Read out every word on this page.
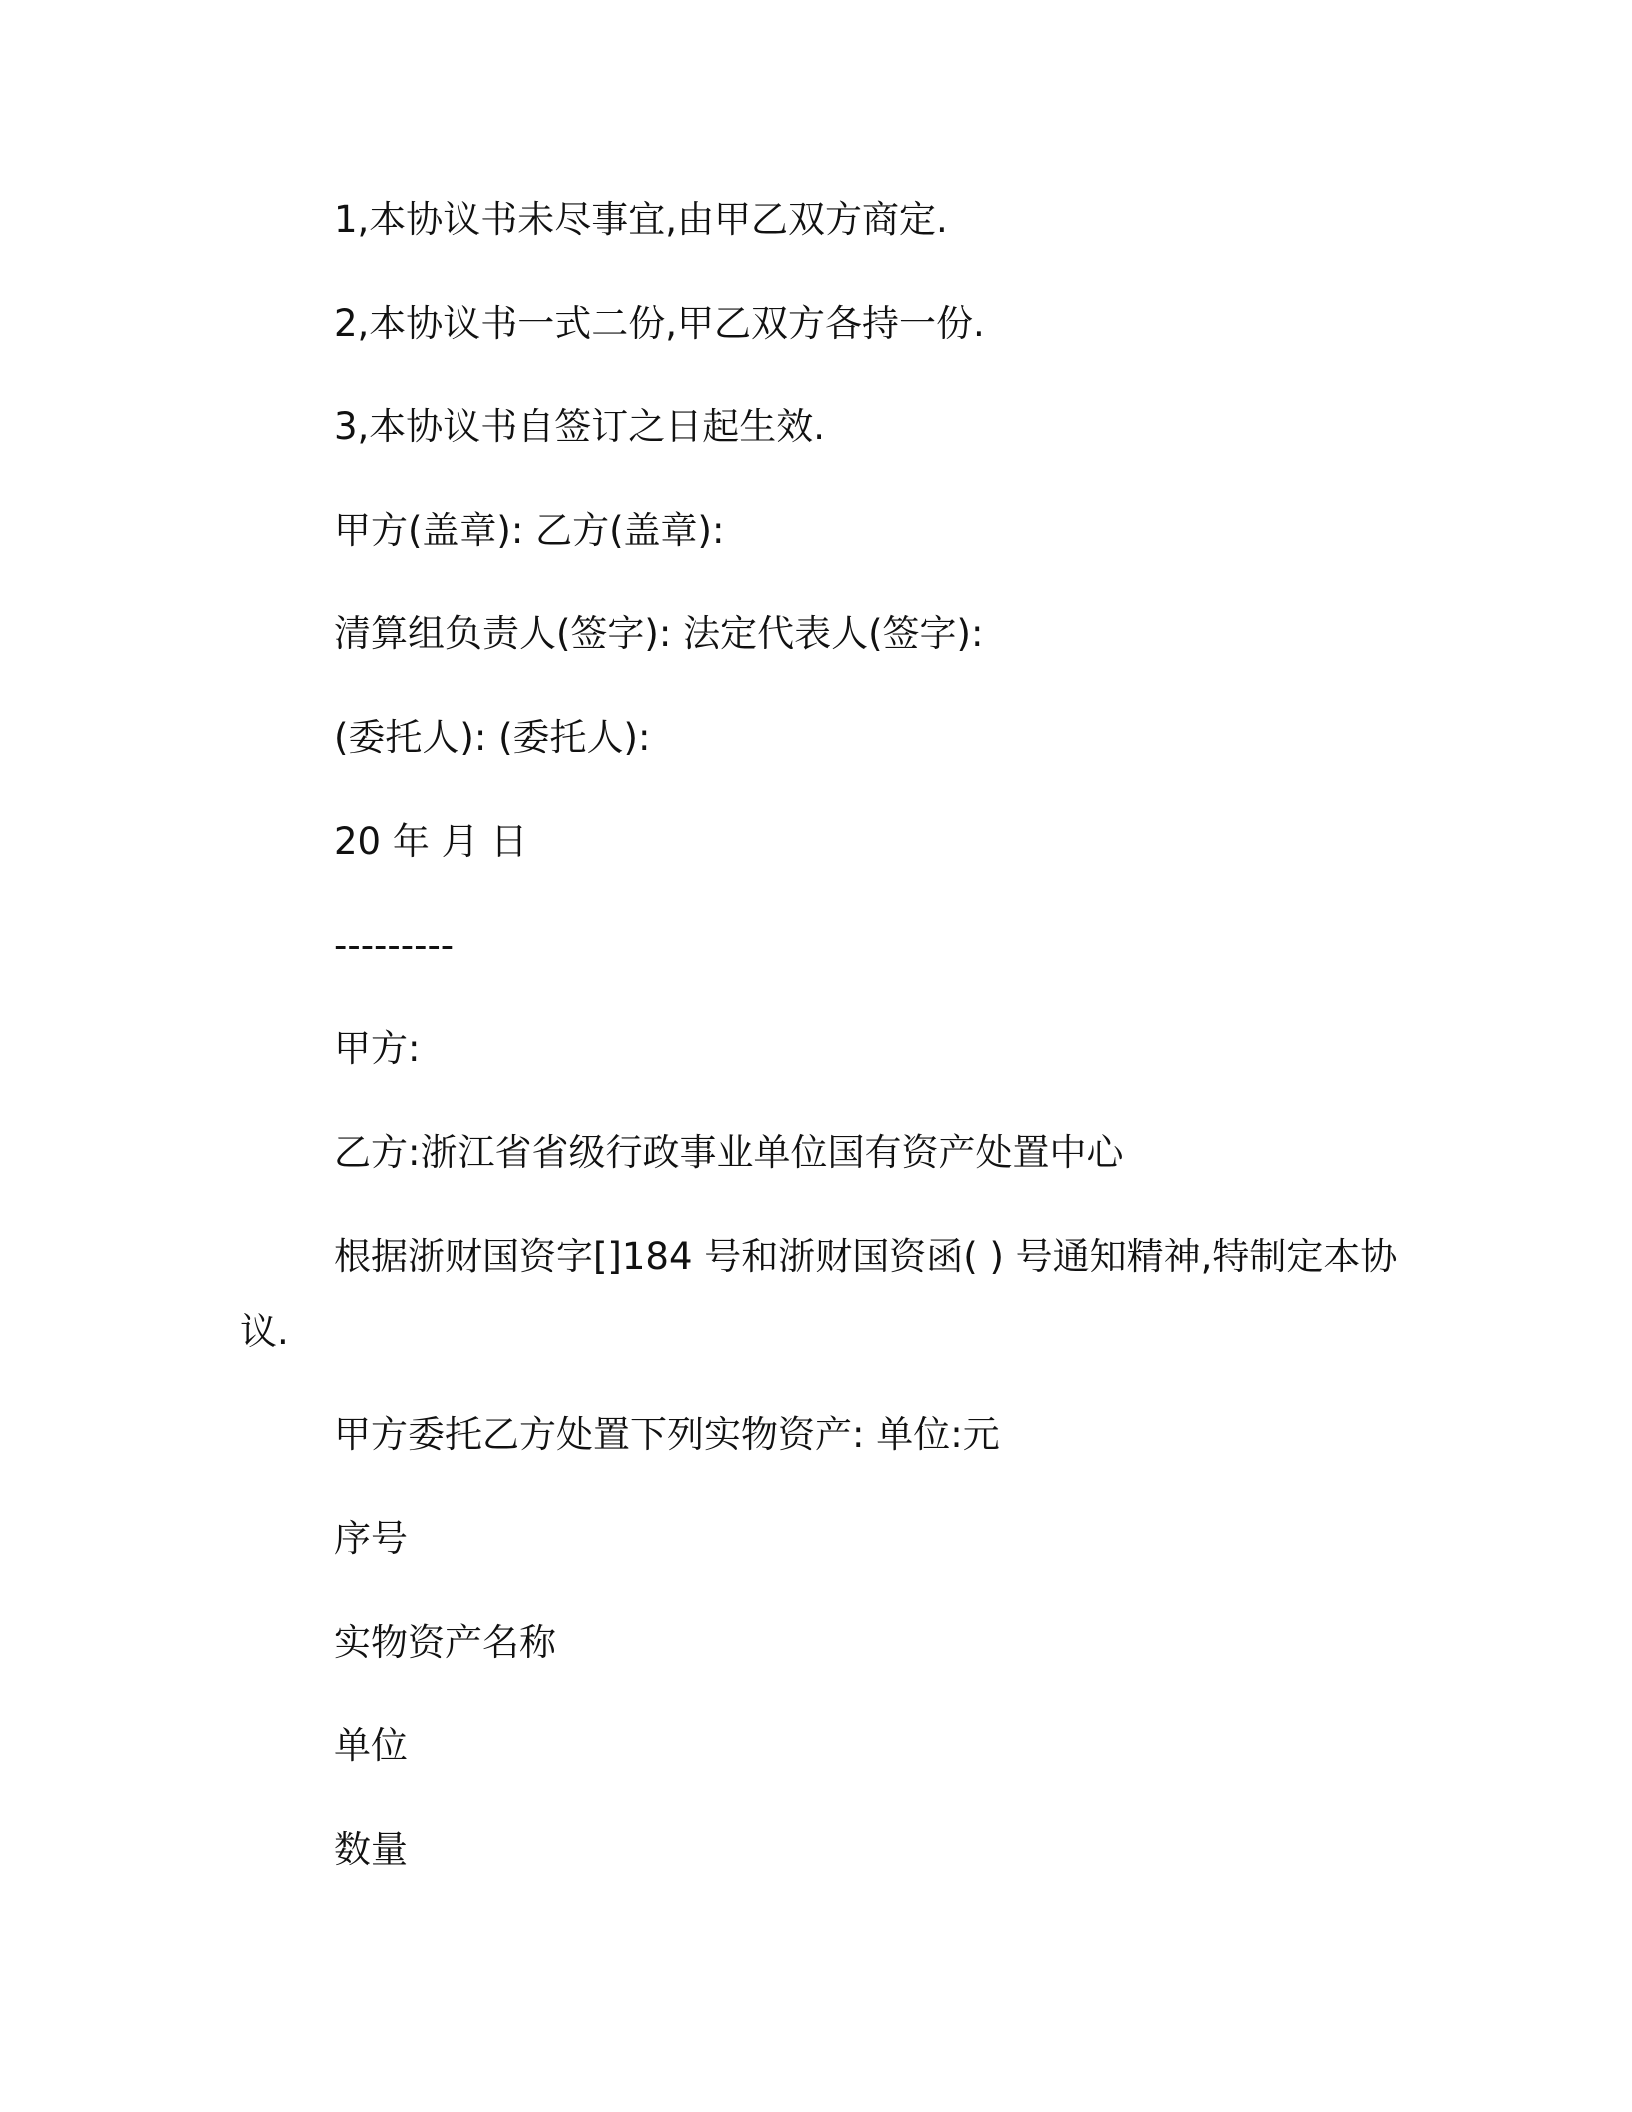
1,本协议书未尽事宜,由甲乙双方商定.
2,本协议书一式二份,甲乙双方各持一份.
3,本协议书自签订之日起生效.
甲方(盖章): 乙方(盖章):
清算组负责人(签字): 法定代表人(签字):
(委托人): (委托人):
20 年 月 日
---------
甲方:
乙方:浙江省省级行政事业单位国有资产处置中心
根据浙财国资字[]184 号和浙财国资函( ) 号通知精神,特制定本协
议.
甲方委托乙方处置下列实物资产: 单位:元
序号
实物资产名称
单位
数量
